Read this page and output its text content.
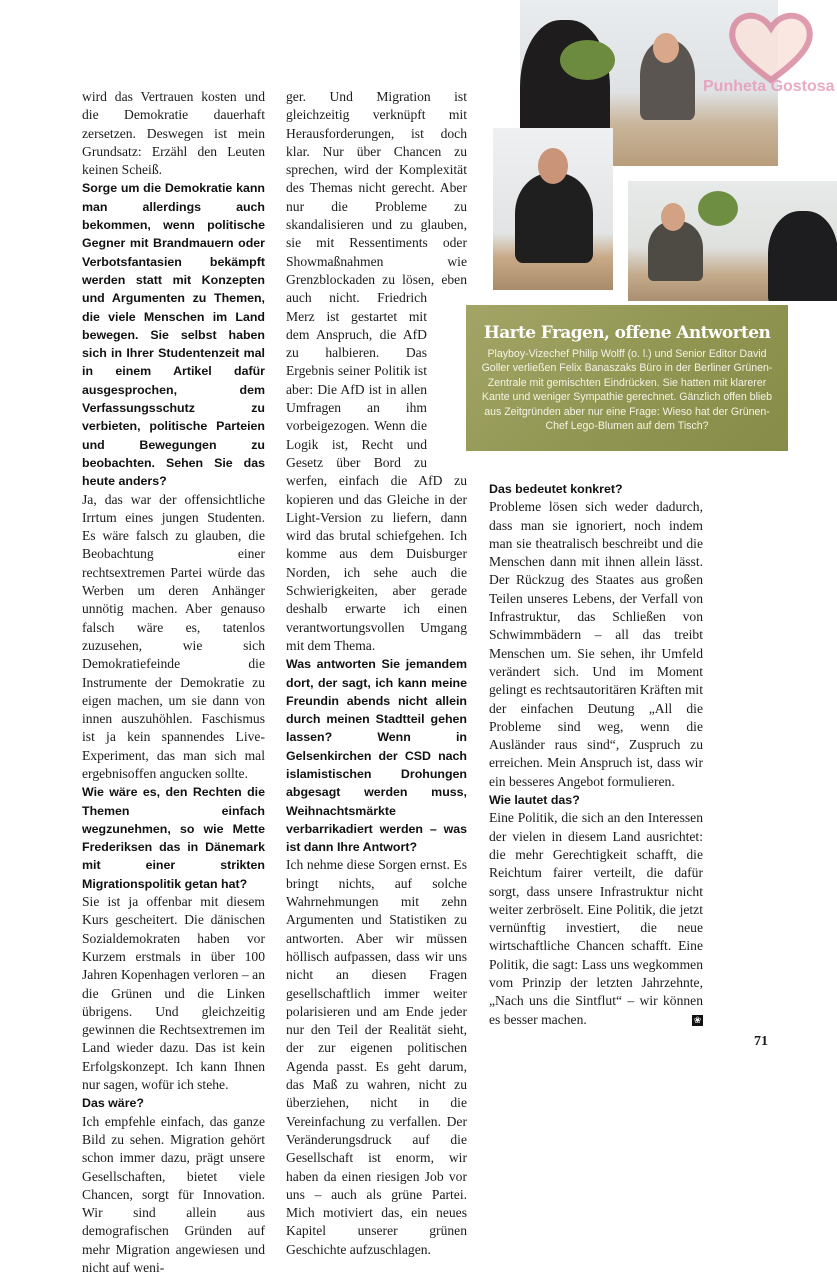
wird das Vertrauen kosten und die Demokratie dauerhaft zersetzen. Deswegen ist mein Grundsatz: Erzähl den Leuten keinen Scheiß.

Sorge um die Demokratie kann man allerdings auch bekommen, wenn politische Gegner mit Brandmauern oder Verbotsfantasien bekämpft werden statt mit Konzepten und Argumenten zu Themen, die viele Menschen im Land bewegen. Sie selbst haben sich in Ihrer Studentenzeit mal in einem Artikel dafür ausgesprochen, dem Verfassungsschutz zu verbieten, politische Parteien und Bewegungen zu beobachten. Sehen Sie das heute anders?

Ja, das war der offensichtliche Irrtum eines jungen Studenten. Es wäre falsch zu glauben, die Beobachtung einer rechtsextremen Partei würde das Werben um deren Anhänger unnötig machen. Aber genauso falsch wäre es, tatenlos zuzusehen, wie sich Demokratiefeinde die Instrumente der Demokratie zu eigen machen, um sie dann von innen auszuhöhlen. Faschismus ist ja kein spannendes Live-Experiment, das man sich mal ergebnisoffen angucken sollte.

Wie wäre es, den Rechten die Themen einfach wegzunehmen, so wie Mette Frederiksen das in Dänemark mit einer strikten Migrationspolitik getan hat?

Sie ist ja offenbar mit diesem Kurs gescheitert. Die dänischen Sozialdemokraten haben vor Kurzem erstmals in über 100 Jahren Kopenhagen verloren – an die Grünen und die Linken übrigens. Und gleichzeitig gewinnen die Rechtsextremen im Land wieder dazu. Das ist kein Erfolgskonzept. Ich kann Ihnen nur sagen, wofür ich stehe.

Das wäre?

Ich empfehle einfach, das ganze Bild zu sehen. Migration gehört schon immer dazu, prägt unsere Gesellschaften, bietet viele Chancen, sorgt für Innovation. Wir sind allein aus demografischen Gründen auf mehr Migration angewiesen und nicht auf weni-

ger. Und Migration ist gleichzeitig verknüpft mit Herausforderungen, ist doch klar. Nur über Chancen zu sprechen, wird der Komplexität des Themas nicht gerecht. Aber nur die Probleme zu skandalisieren und zu glauben, sie mit Ressentiments oder Showmaßnahmen wie Grenzblockaden zu lösen, eben auch nicht. Friedrich Merz ist gestartet mit dem Anspruch, die AfD zu halbieren. Das Ergebnis seiner Politik ist aber: Die AfD ist in allen Umfragen an ihm vorbeigezogen. Wenn die Logik ist, Recht und Gesetz über Bord zu werfen, einfach die AfD zu kopieren und das Gleiche in der Light-Version zu liefern, dann wird das brutal schiefgehen. Ich komme aus dem Duisburger Norden, ich sehe auch die Schwierigkeiten, aber gerade deshalb erwarte ich einen verantwortungsvollen Umgang mit dem Thema.

Was antworten Sie jemandem dort, der sagt, ich kann meine Freundin abends nicht allein durch meinen Stadtteil gehen lassen? Wenn in Gelsenkirchen der CSD nach islamistischen Drohungen abgesagt werden muss, Weihnachtsmärkte verbarrikadiert werden – was ist dann Ihre Antwort?

Ich nehme diese Sorgen ernst. Es bringt nichts, auf solche Wahrnehmungen mit zehn Argumenten und Statistiken zu antworten. Aber wir müssen höllisch aufpassen, dass wir uns nicht an diesen Fragen gesellschaftlich immer weiter polarisieren und am Ende jeder nur den Teil der Realität sieht, der zur eigenen politischen Agenda passt. Es geht darum, das Maß zu wahren, nicht zu überziehen, nicht in die Vereinfachung zu verfallen. Der Veränderungsdruck auf die Gesellschaft ist enorm, wir haben da einen riesigen Job vor uns – auch als grüne Partei. Mich motiviert das, ein neues Kapitel unserer grünen Geschichte aufzuschlagen.

Das bedeutet konkret?

Probleme lösen sich weder dadurch, dass man sie ignoriert, noch indem man sie theatralisch beschreibt und die Menschen dann mit ihnen allein lässt. Der Rückzug des Staates aus großen Teilen unseres Lebens, der Verfall von Infrastruktur, das Schließen von Schwimmbädern – all das treibt Menschen um. Sie sehen, ihr Umfeld verändert sich. Und im Moment gelingt es rechtsautoritären Kräften mit der einfachen Deutung „All die Probleme sind weg, wenn die Ausländer raus sind“, Zuspruch zu erreichen. Mein Anspruch ist, dass wir ein besseres Angebot formulieren.

Wie lautet das?

Eine Politik, die sich an den Interessen der vielen in diesem Land ausrichtet: die mehr Gerechtigkeit schafft, die Reichtum fairer verteilt, die dafür sorgt, dass unsere Infrastruktur nicht weiter zerbröselt. Eine Politik, die jetzt vernünftig investiert, die neue wirtschaftliche Chancen schafft. Eine Politik, die sagt: Lass uns wegkommen vom Prinzip der letzten Jahrzehnte, „Nach uns die Sintflut“ – wir können es besser machen.	❀

Harte Fragen, offene Antworten

Playboy-Vizechef Philip Wolff (o. l.) und Senior Editor David Goller verließen Felix Banaszaks Büro in der Berliner Grünen-Zentrale mit gemischten Eindrücken. Sie hatten mit klarerer Kante und weniger Sympathie gerechnet. Gänzlich offen blieb aus Zeitgründen aber nur eine Frage: Wieso hat der Grünen-Chef Lego-Blumen auf dem Tisch?

Punheta Gostosa
71
